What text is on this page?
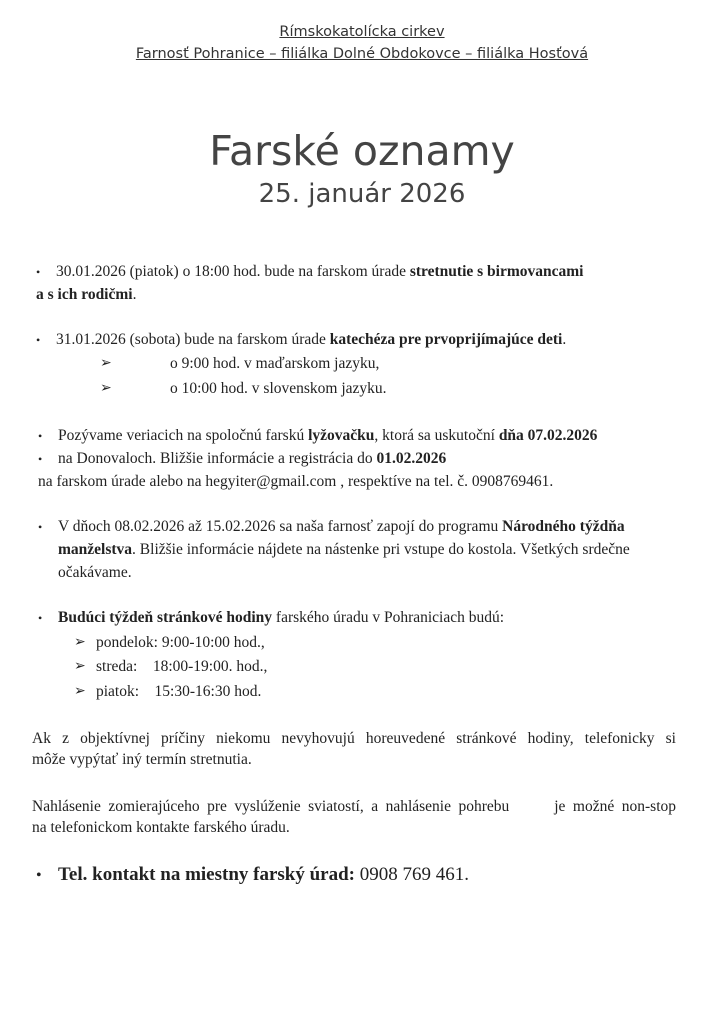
Rímskokatolícka cirkev
Farnosť Pohranice – filiálka Dolné Obdokovce – filiálka Hosťová
Farské oznamy
25. január 2026
• 30.01.2026 (piatok) o 18:00 hod. bude na farskom úrade stretnutie s birmovancami
a s ich rodičmi.
• 31.01.2026 (sobota) bude na farskom úrade katechéza pre prvoprijímajúce deti.
➢	o 9:00 hod. v maďarskom jazyku,
➢	o 10:00 hod. v slovenskom jazyku.
• Pozývame veriacich na spoločnú farskú lyžovačku, ktorá sa uskutoční dňa 07.02.2026
• na Donovaloch. Bližšie informácie a registrácia do 01.02.2026
na farskom úrade alebo na hegyiter@gmail.com , respektíve na tel. č. 0908769461.
• V dňoch 08.02.2026 až 15.02.2026 sa naša farnosť zapojí do programu Národného týždňa
manželstva. Bližšie informácie nájdete na nástenke pri vstupe do kostola. Všetkých srdečne
očakávame.
• Budúci týždeň stránkové hodiny farského úradu v Pohraniciach budú:
➢ pondelok: 9:00-10:00 hod.,
➢ streda:    18:00-19:00. hod.,
➢ piatok:    15:30-16:30 hod.
Ak z objektívnej príčiny niekomu nevyhovujú horeuvedené stránkové hodiny, telefonicky si
môže vypýtať iný termín stretnutia.
Nahlásenie zomierajúceho pre vyslúženie sviatostí, a nahlásenie pohrebu      je možné non-stop
na telefonickom kontakte farského úradu.
• Tel. kontakt na miestny farský úrad: 0908 769 461.
